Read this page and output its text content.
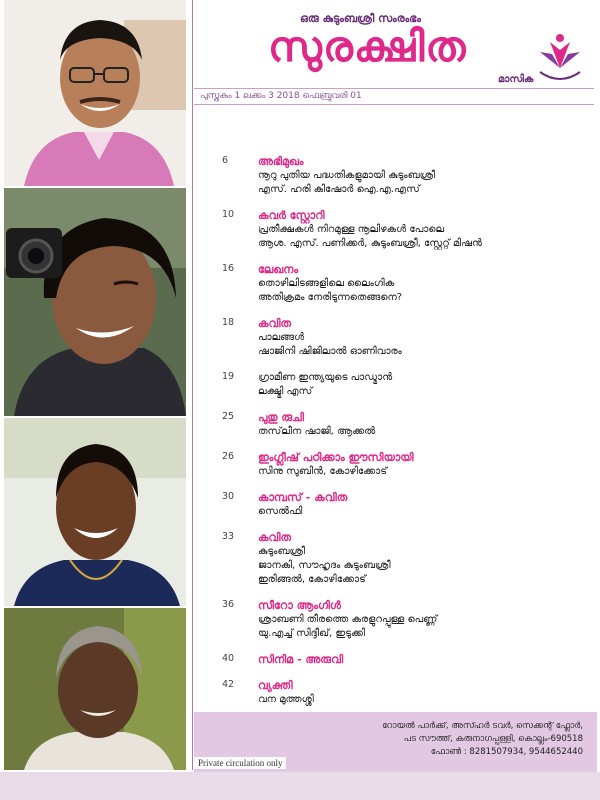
ഒരു കുടുംബശ്രീ സംരംഭം
സുരക്ഷിത
മാസിക
പുസ്തകം 1 ലക്കം 3 2018 ഫെബ്രുവരി 01
6	അഭിമുഖം
നൂറു പുതിയ പദ്ധതികളുമായി കുടുംബശ്രീ
എസ്. ഹരി കിഷോർ ഐ.എ.എസ്
10	കവർ സ്റ്റോറി
പ്രതീക്ഷകൾ നിറമുള്ള നൂലിഴകൾ പോലെ
ആശ. എസ്. പണിക്കർ, കുടുംബശ്രീ, സ്റ്റേറ്റ് മിഷൻ
16	ലേഖനം
തൊഴിലിടങ്ങളിലെ ലൈംഗിക
അതിക്രമം നേരിടുന്നതെങ്ങനെ?
18	കവിത
പാലങ്ങൾ
ഷാജിനി ഷിജിലാൽ ഓണിവാരം
19	ഗ്രാമീണ ഇന്ത്യയുടെ പാഡ്മാൻ
ലക്ഷ്മി എസ്
25	പുതു രുചി
തസ്‌ലീന ഷാജി, ആക്കൽ
26	ഇംഗ്ലീഷ് പഠിക്കാം ഈസിയായി
സിനു സുബിൻ, കോഴിക്കോട്
30	കാമ്പസ് - കവിത
സെൽഫി
33	കവിത
കുടുംബശ്രീ
ജാനകി, സൗഹൃദം കുടുംബശ്രീ
ഇരിങ്ങൽ, കോഴിക്കോട്
36	സീറോ ആംഗിൾ
ശ്രാബണി തീരത്തെ കരളുറപ്പുള്ള പെണ്ണ്
യു.എച്ച് സിദ്ദീഖ്, ഇടുക്കി
40	സിനിമ - അരുവി
42	വ്യക്തി
വന മുത്തശ്ശി
റോയൽ പാർക്ക്, അസ്ഹർ ടവർ, സെക്കന്റ് ഫ്ലോർ,
പട സൗത്ത്, കരുനാഗപ്പള്ളി, കൊല്ലം-690518
ഫോൺ : 8281507934, 9544652440
Private circulation only
